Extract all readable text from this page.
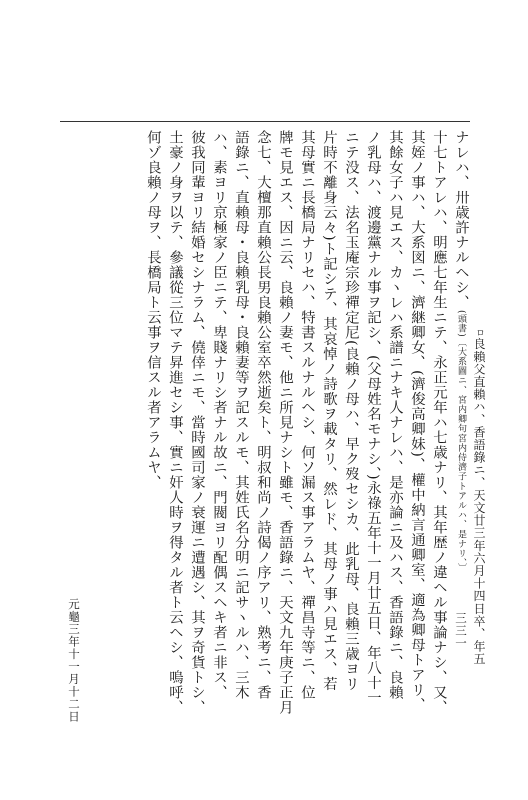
ナレハ、卅歳許ナルヘシ、(頭書)〔大系圖ニ、宮内卿句宮内侍濟子トアルハ、是ナリ、〕 ロ良賴父直賴ハ、香語錄ニ、天文廿三年六月十四日卒、年五
十七トアレハ、明應七年生ニテ、永正元年ハ七歳ナリ、其年歴ノ違ヘル事論ナシ、又、
其姪ノ事ハ、大系図ニ、濟継卿女、(濟俊高卿妹)、權中納言通卿室、適為卿母トアリ、
其餘女子ハ見エス、カヽレハ系譜ニナキ人ナレハ、是亦論ニ及ハス、香語錄ニ、良賴
ノ乳母ハ、渡邊黨ナル事ヲ記シ、(父母姓名モナシ、)永祿五年十一月廿五日、年八十一
ニテ没ス、法名玉庵宗珍禪定尼(良賴ノ母ハ、早ク歿セシカ、此乳母、良賴三歳ヨリ
片時不離身云々)ト記シテ、其哀悼ノ詩歌ヲ載タリ、然レド、其母ノ事ハ見エス、若
其母實ニ長橋局ナリセハ、特書スルナルヘシ、何ソ漏ス事アラムヤ、禪昌寺等ニ、位
牌モ見エス、因ニ云、良賴ノ妻モ、他ニ所見ナシト雖モ、香語錄ニ、天文九年庚子正月
念七、大檀那直賴公長男良賴公室卒然逝矣ト、明叔和尚ノ詩偈ノ序アリ、熟考ニ、香
語錄ニ、直賴母・良賴乳母・良賴妻等ヲ記スルモ、其姓氏名分明ニ記サヽルハ、三木
ハ、素ヨリ京極家ノ臣ニテ、卑賤ナリシ者ナル故ニ、門閥ヨリ配偶スヘキ者ニ非ス、
彼我同輩ヨリ結婚セシナラム、僥倖ニモ、當時國司家ノ衰運ニ遭遇シ、其ヲ奇貨トシ、
土豪ノ身ヲ以テ、參議從三位マテ昇進セシ事、實ニ奸人時ヲ得タル者ト云ヘシ、嗚呼、
何ゾ良賴ノ母ヲ、長橋局ト云事ヲ信スル者アラムヤ、
元龜三年十一月十二日	三三一
